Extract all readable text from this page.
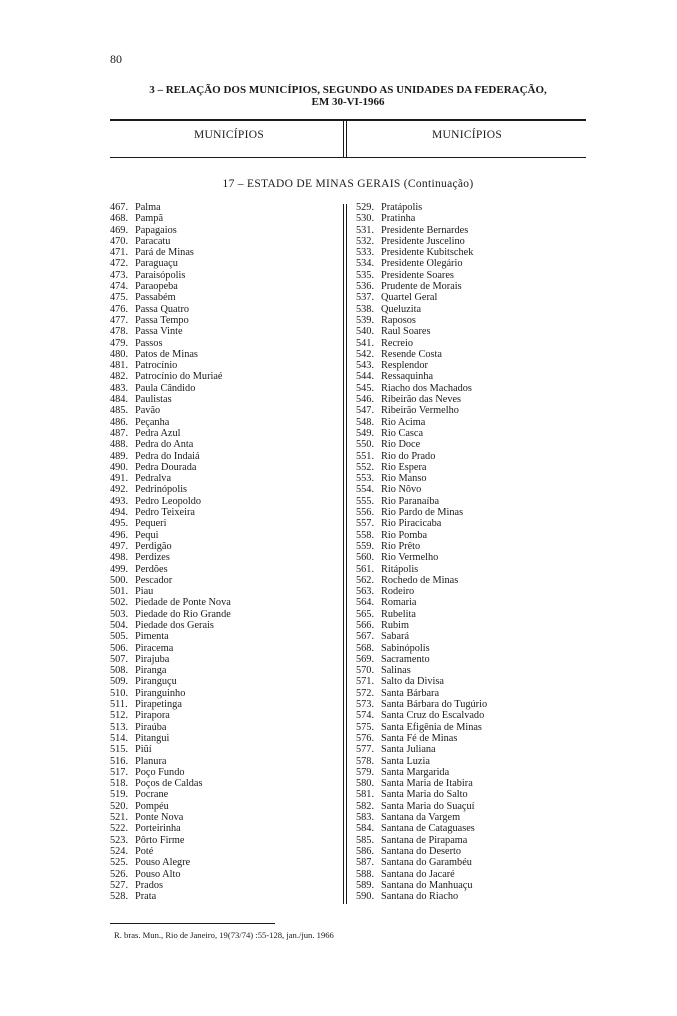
80
3 – RELAÇÃO DOS MUNICÍPIOS, SEGUNDO AS UNIDADES DA FEDERAÇÃO,
EM 30-VI-1966
MUNICÍPIOS	MUNICÍPIOS
17 – ESTADO DE MINAS GERAIS (Continuação)
467. Palma
468. Pampã
469. Papagaios
470. Paracatu
471. Pará de Minas
472. Paraguaçu
473. Paraisópolis
474. Paraopeba
475. Passabém
476. Passa Quatro
477. Passa Tempo
478. Passa Vinte
479. Passos
480. Patos de Minas
481. Patrocínio
482. Patrocínio do Muriaé
483. Paula Cândido
484. Paulistas
485. Pavão
486. Peçanha
487. Pedra Azul
488. Pedra do Anta
489. Pedra do Indaiá
490. Pedra Dourada
491. Pedralva
492. Pedrinópolis
493. Pedro Leopoldo
494. Pedro Teixeira
495. Pequeri
496. Pequi
497. Perdigão
498. Perdizes
499. Perdões
500. Pescador
501. Piau
502. Piedade de Ponte Nova
503. Piedade do Rio Grande
504. Piedade dos Gerais
505. Pimenta
506. Piracema
507. Pirajuba
508. Piranga
509. Piranguçu
510. Piranguinho
511. Pirapetinga
512. Pirapora
513. Piraúba
514. Pitangui
515. Piũí
516. Planura
517. Poço Fundo
518. Poços de Caldas
519. Pocrane
520. Pompéu
521. Ponte Nova
522. Porteirinha
523. Pôrto Firme
524. Poté
525. Pouso Alegre
526. Pouso Alto
527. Prados
528. Prata
529. Pratápolis
530. Pratinha
531. Presidente Bernardes
532. Presidente Juscelino
533. Presidente Kubitschek
534. Presidente Olegário
535. Presidente Soares
536. Prudente de Morais
537. Quartel Geral
538. Queluzita
539. Raposos
540. Raul Soares
541. Recreio
542. Resende Costa
543. Resplendor
544. Ressaquinha
545. Riacho dos Machados
546. Ribeirão das Neves
547. Ribeirão Vermelho
548. Rio Acima
549. Rio Casca
550. Rio Doce
551. Rio do Prado
552. Rio Espera
553. Rio Manso
554. Rio Nôvo
555. Rio Paranaíba
556. Rio Pardo de Minas
557. Rio Piracicaba
558. Rio Pomba
559. Rio Prêto
560. Rio Vermelho
561. Ritápolis
562. Rochedo de Minas
563. Rodeiro
564. Romaria
565. Rubelita
566. Rubim
567. Sabará
568. Sabinópolis
569. Sacramento
570. Salinas
571. Salto da Divisa
572. Santa Bárbara
573. Santa Bárbara do Tugúrio
574. Santa Cruz do Escalvado
575. Santa Efigênia de Minas
576. Santa Fé de Minas
577. Santa Juliana
578. Santa Luzia
579. Santa Margarida
580. Santa Maria de Itabira
581. Santa Maria do Salto
582. Santa Maria do Suaçuí
583. Santana da Vargem
584. Santana de Cataguases
585. Santana de Pirapama
586. Santana do Deserto
587. Santana do Garambéu
588. Santana do Jacaré
589. Santana do Manhuaçu
590. Santana do Riacho
R. bras. Mun., Rio de Janeiro, 19(73/74) :55-128, jan./jun. 1966
